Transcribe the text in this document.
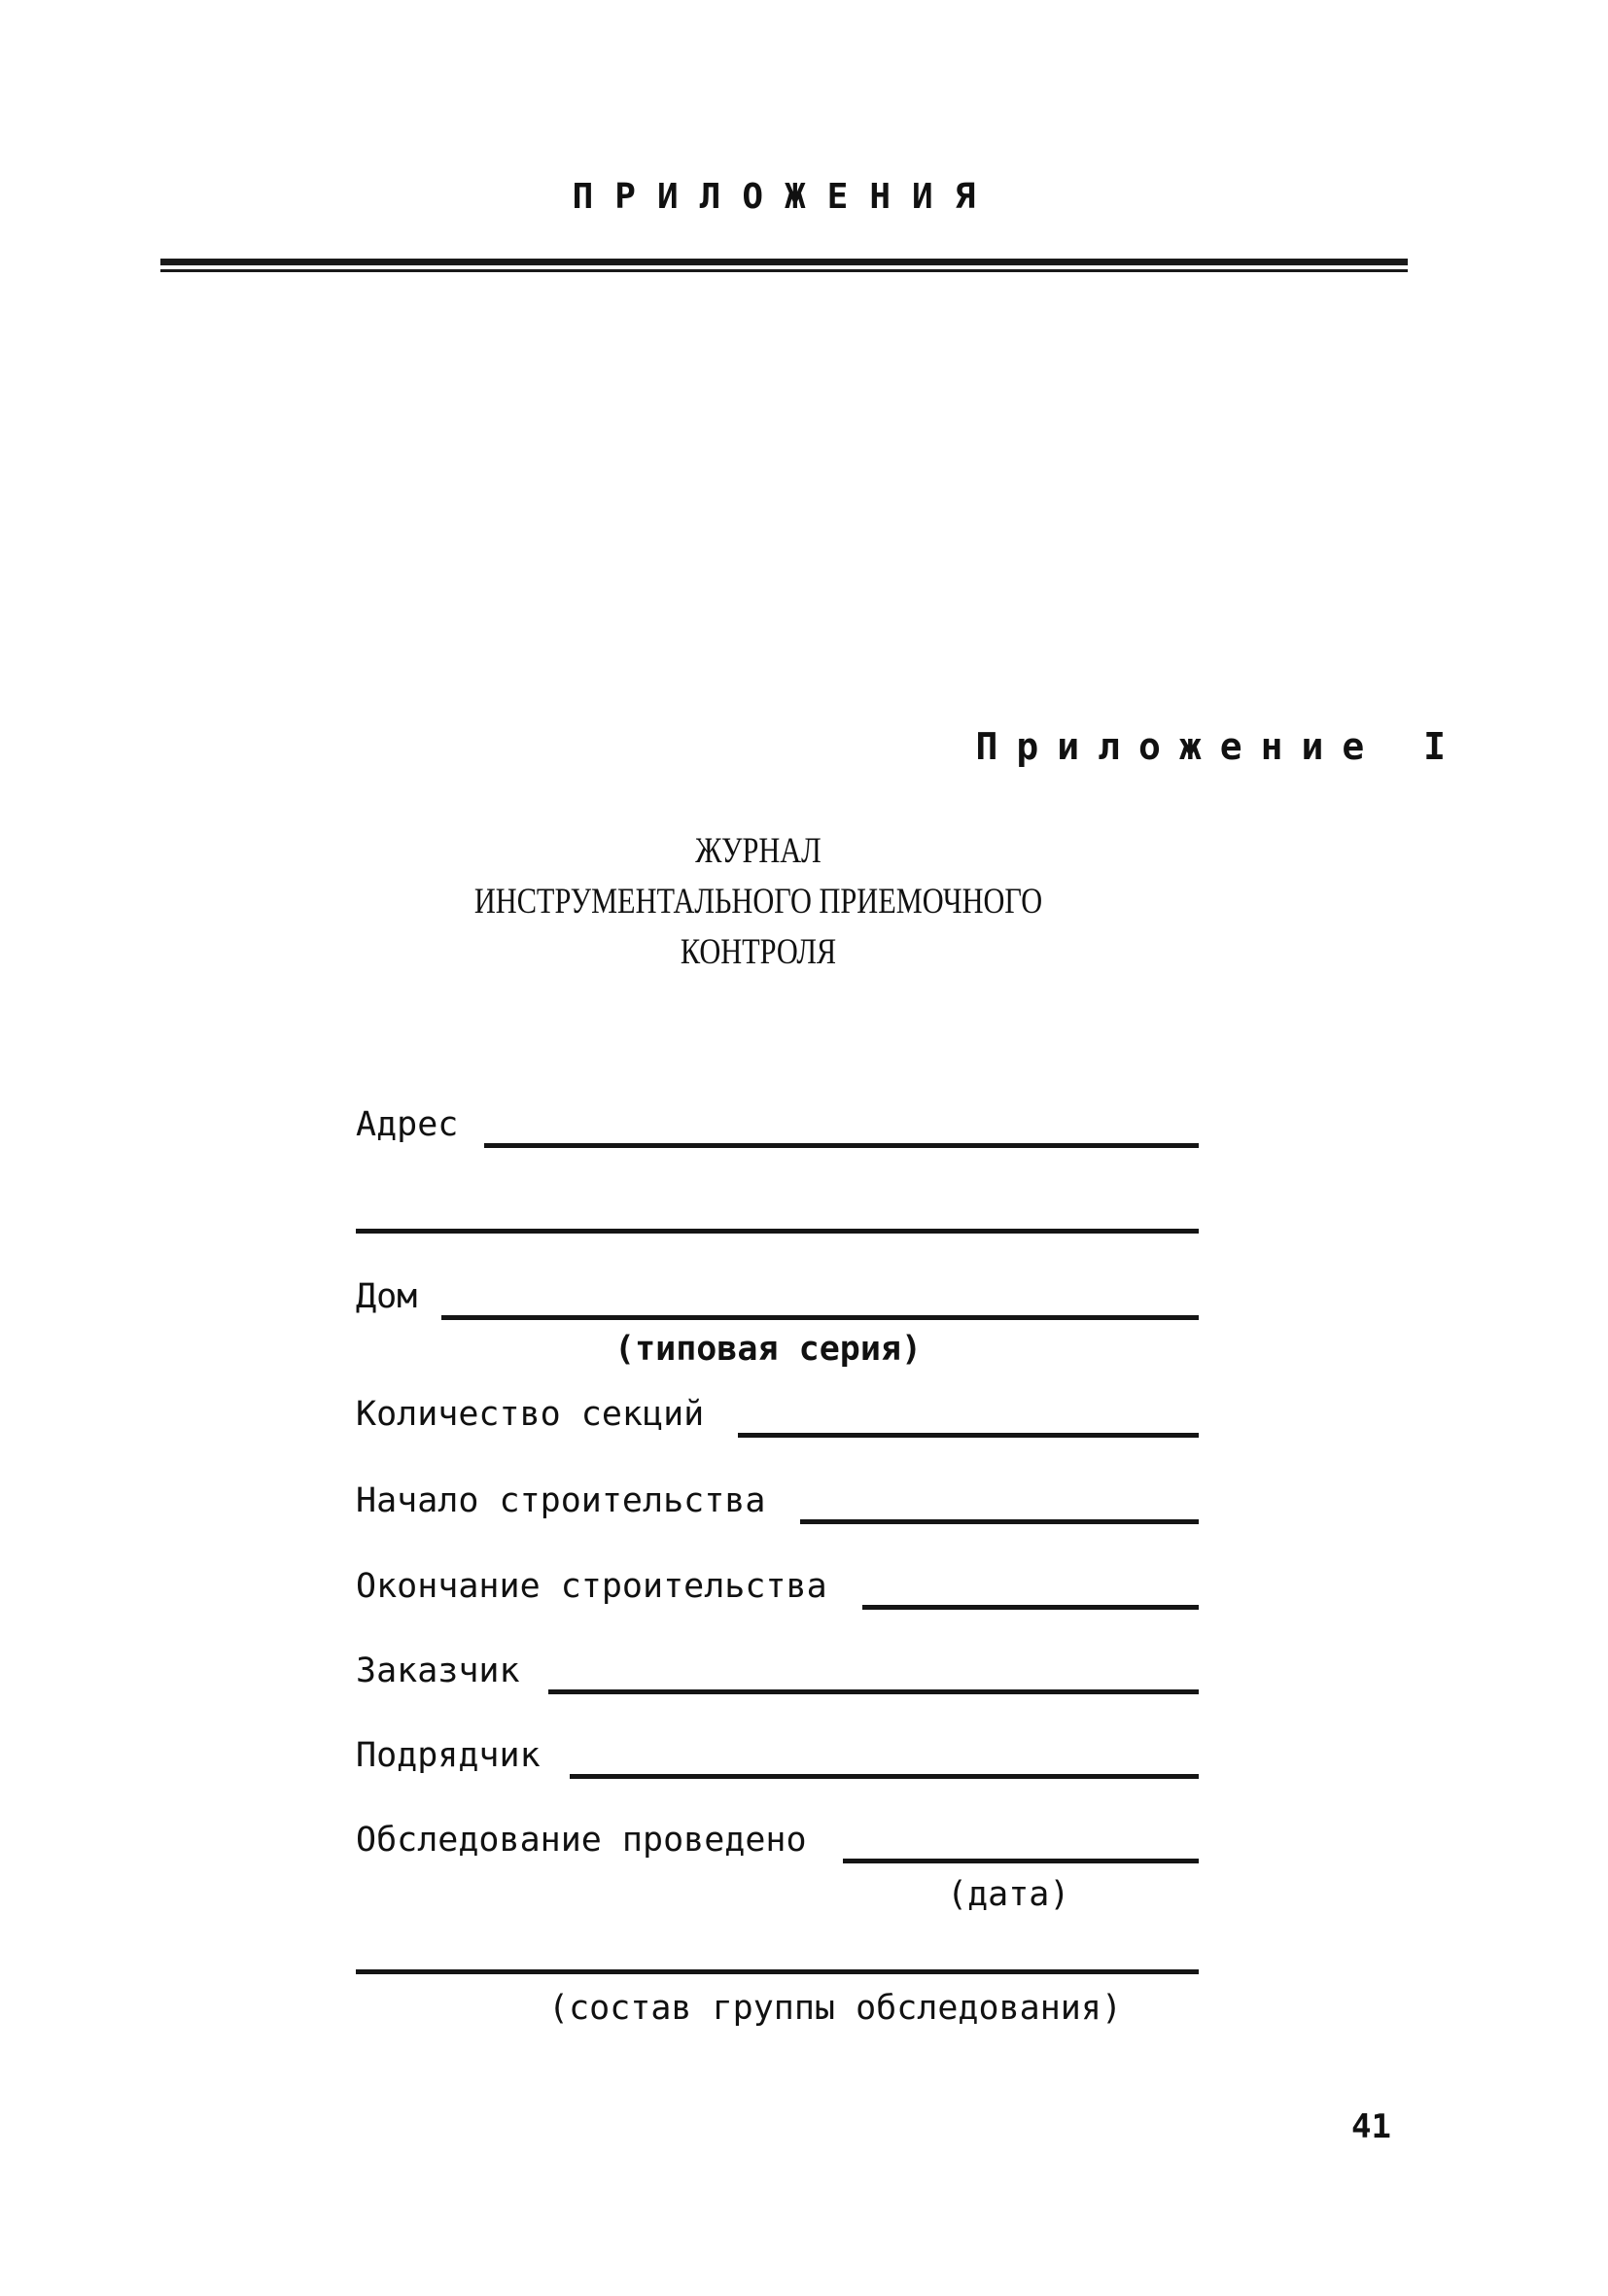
ПРИЛОЖЕНИЯ
Приложение I
ЖУРНАЛ
ИНСТРУМЕНТАЛЬНОГО ПРИЕМОЧНОГО
КОНТРОЛЯ
Адрес
Дом
(типовая серия)
Количество секций
Начало строительства
Окончание строительства
Заказчик
Подрядчик
Обследование проведено
(дата)
(состав группы обследования)
41
